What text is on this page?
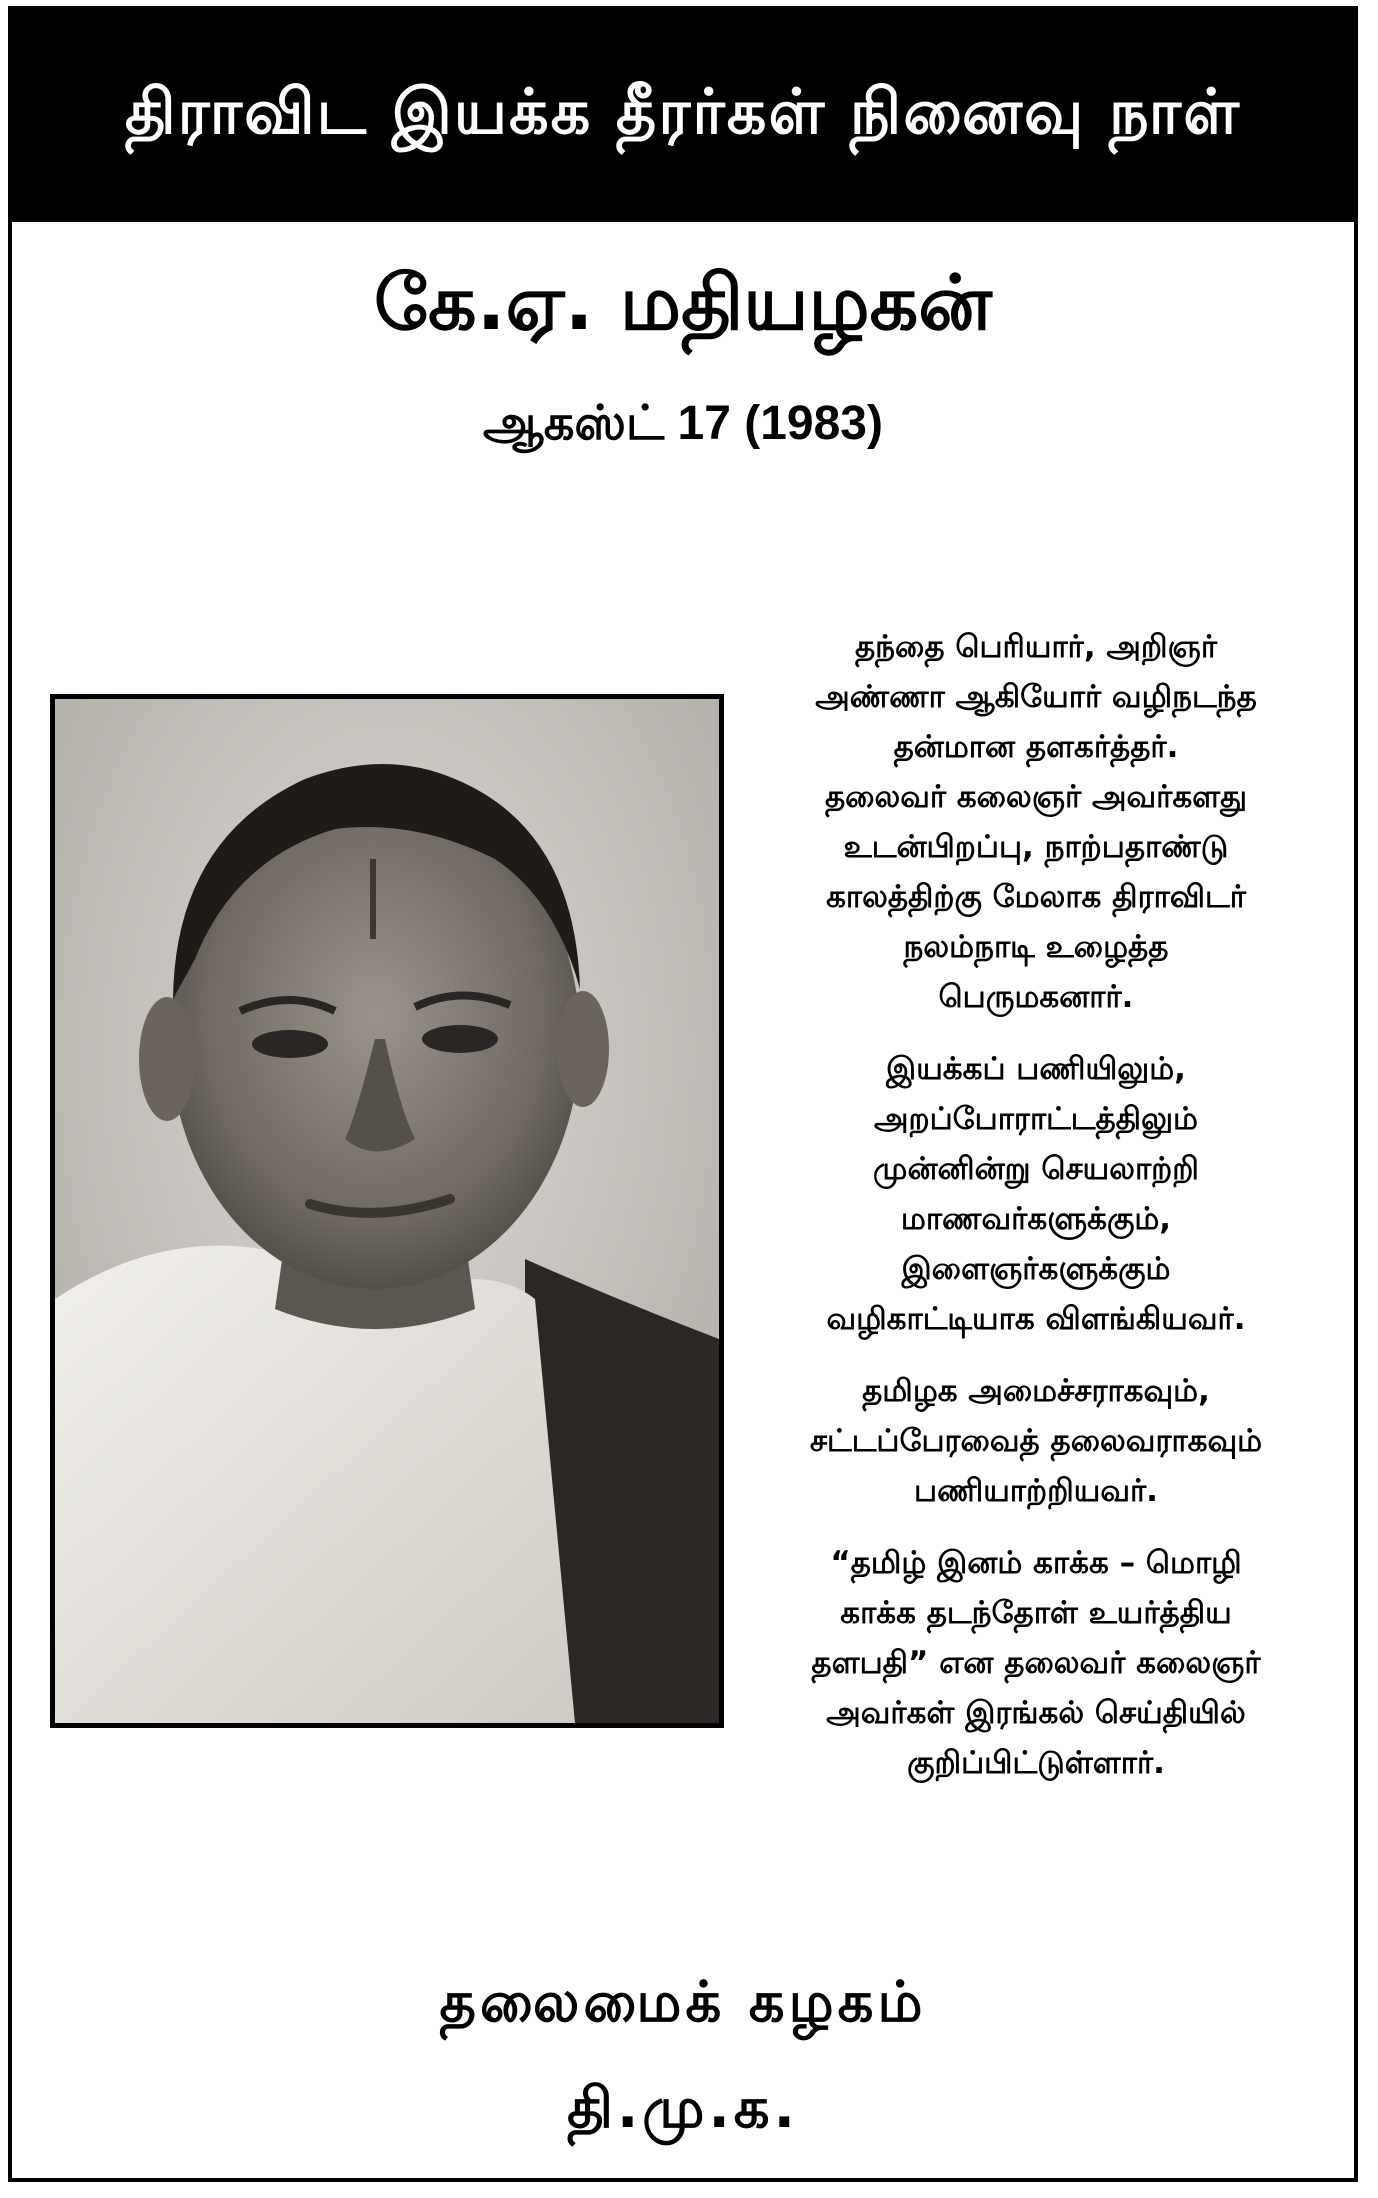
திராவிட இயக்க தீரர்கள் நினைவு நாள்
கே.ஏ. மதியழகன்
ஆகஸ்ட் 17 (1983)

தந்தை பெரியார், அறிஞர்
அண்ணா ஆகியோர் வழிநடந்த
தன்மான தளகர்த்தர்.
தலைவர் கலைஞர் அவர்களது
உடன்பிறப்பு, நாற்பதாண்டு
காலத்திற்கு மேலாக திராவிடர்
நலம்நாடி உழைத்த
பெருமகனார்.

இயக்கப் பணியிலும்,
அறப்போராட்டத்திலும்
முன்னின்று செயலாற்றி
மாணவர்களுக்கும்,
இளைஞர்களுக்கும்
வழிகாட்டியாக விளங்கியவர்.

தமிழக அமைச்சராகவும்,
சட்டப்பேரவைத் தலைவராகவும்
பணியாற்றியவர்.

“தமிழ் இனம் காக்க – மொழி
காக்க தடந்தோள் உயர்த்திய
தளபதி” என தலைவர் கலைஞர்
அவர்கள் இரங்கல் செய்தியில்
குறிப்பிட்டுள்ளார்.

தலைமைக் கழகம்
தி.மு.க.
